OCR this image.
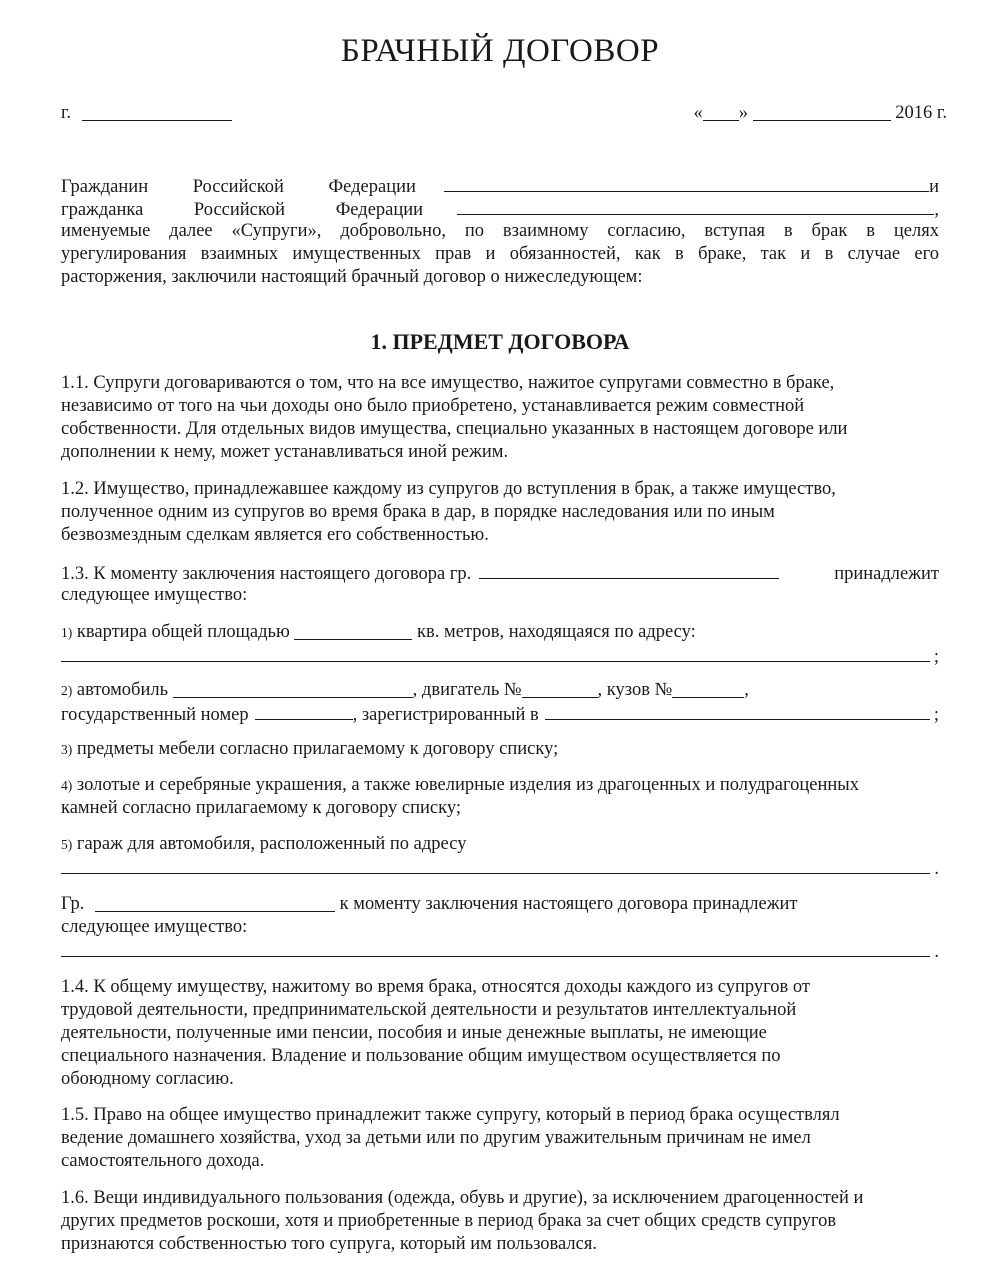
БРАЧНЫЙ ДОГОВОР
г.	« »	2016 г.
Гражданин Российской Федерации	и
гражданка Российской Федерации	,
именуемые далее «Супруги», добровольно, по взаимному согласию, вступая в брак в целях
урегулирования взаимных имущественных прав и обязанностей, как в браке, так и в случае его
расторжения, заключили настоящий брачный договор о нижеследующем:
1. ПРЕДМЕТ ДОГОВОРА
1.1. Супруги договариваются о том, что на все имущество, нажитое супругами совместно в браке,
независимо от того на чьи доходы оно было приобретено, устанавливается режим совместной
собственности. Для отдельных видов имущества, специально указанных в настоящем договоре или
дополнении к нему, может устанавливаться иной режим.
1.2. Имущество, принадлежавшее каждому из супругов до вступления в брак, а также имущество,
полученное одним из супругов во время брака в дар, в порядке наследования или по иным
безвозмездным сделкам является его собственностью.
1.3. К моменту заключения настоящего договора гр.	принадлежит
следующее имущество:
1) квартира общей площадью	кв. метров, находящаяся по адресу:
;
2) автомобиль	, двигатель №	, кузов №	,
государственный номер	, зарегистрированный в	;
3) предметы мебели согласно прилагаемому к договору списку;
4) золотые и серебряные украшения, а также ювелирные изделия из драгоценных и полудрагоценных
камней согласно прилагаемому к договору списку;
5) гараж для автомобиля, расположенный по адресу
.
Гр.	к моменту заключения настоящего договора принадлежит
следующее имущество:
.
1.4. К общему имуществу, нажитому во время брака, относятся доходы каждого из супругов от
трудовой деятельности, предпринимательской деятельности и результатов интеллектуальной
деятельности, полученные ими пенсии, пособия и иные денежные выплаты, не имеющие
специального назначения. Владение и пользование общим имуществом осуществляется по
обоюдному согласию.
1.5. Право на общее имущество принадлежит также супругу, который в период брака осуществлял
ведение домашнего хозяйства, уход за детьми или по другим уважительным причинам не имел
самостоятельного дохода.
1.6. Вещи индивидуального пользования (одежда, обувь и другие), за исключением драгоценностей и
других предметов роскоши, хотя и приобретенные в период брака за счет общих средств супругов
признаются собственностью того супруга, который им пользовался.
